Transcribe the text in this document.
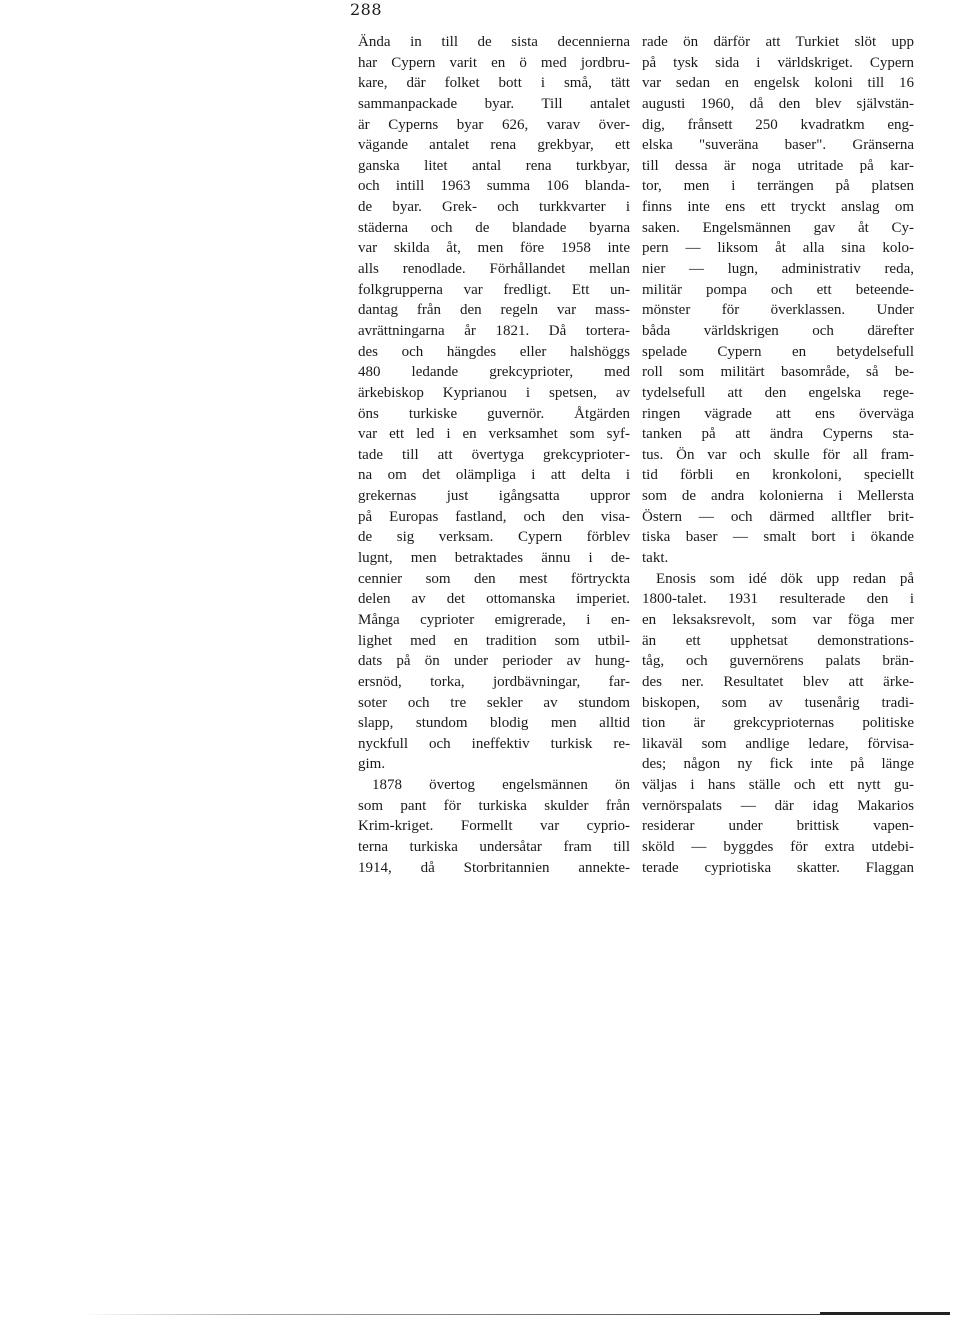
288
Ända in till de sista decennierna
har Cypern varit en ö med jordbru-
kare, där folket bott i små, tätt
sammanpackade byar. Till antalet
är Cyperns byar 626, varav över-
vägande antalet rena grekbyar, ett
ganska litet antal rena turkbyar,
och intill 1963 summa 106 blanda-
de byar. Grek- och turkkvarter i
städerna och de blandade byarna
var skilda åt, men före 1958 inte
alls renodlade. Förhållandet mellan
folkgrupperna var fredligt. Ett un-
dantag från den regeln var mass-
avrättningarna år 1821. Då tortera-
des och hängdes eller halshöggs
480 ledande grekcyprioter, med
ärkebiskop Kyprianou i spetsen, av
öns turkiske guvernör. Åtgärden
var ett led i en verksamhet som syf-
tade till att övertyga grekcypriotег-
na om det olämpliga i att delta i
grekernas just igångsatta uppror
på Europas fastland, och den visa-
de sig verksam. Cypern förblev
lugnt, men betraktades ännu i de-
cennier som den mest förtryckta
delen av det ottomanska imperiet.
Många cyprioter emigrerade, i en-
lighet med en tradition som utbil-
dats på ön under perioder av hung-
ersnöd, torka, jordbävningar, far-
soter och tre sekler av stundom
slapp, stundom blodig men alltid
nyckfull och ineffektiv turkisk re-
gim.
1878 övertog engelsmännen ön
som pant för turkiska skulder från
Krim-kriget. Formellt var cyprio-
terna turkiska undersåtar fram till
1914, då Storbritannien annekte-
rade ön därför att Turkiet slöt upp
på tysk sida i världskriget. Cypern
var sedan en engelsk koloni till 16
augusti 1960, då den blev självstän-
dig, frånsett 250 kvadratkm eng-
elska "suveräna baser". Gränserna
till dessa är noga utritade på kar-
tor, men i terrängen på platsen
finns inte ens ett tryckt anslag om
saken. Engelsmännen gav åt Cy-
pern — liksom åt alla sina kolo-
nier — lugn, administrativ reda,
militär pompa och ett beteende-
mönster för överklassen. Under
båda världskrigen och därefter
spelade Cypern en betydelsefull
roll som militärt basområde, så be-
tydelsefull att den engelska rege-
ringen vägrade att ens överväga
tanken på att ändra Cyperns sta-
tus. Ön var och skulle för all fram-
tid förbli en kronkoloni, speciellt
som de andra kolonierna i Mellersta
Östern — och därmed alltfler brit-
tiska baser — smalt bort i ökande
takt.
Enosis som idé dök upp redan på
1800-talet. 1931 resulterade den i
en leksaksrevolt, som var föga mer
än ett upphetsat demonstrations-
tåg, och guvernörens palats brän-
des ner. Resultatet blev att ärke-
biskopen, som av tusenårig tradi-
tion är grekcyprioternas politiske
likaväl som andlige ledare, förvisa-
des; någon ny fick inte på länge
väljas i hans ställe och ett nytt gu-
vernörspalats — där idag Makarios
residerar under brittisk vapen-
sköld — byggdes för extra utdebi-
terade cypriotiska skatter. Flaggan
